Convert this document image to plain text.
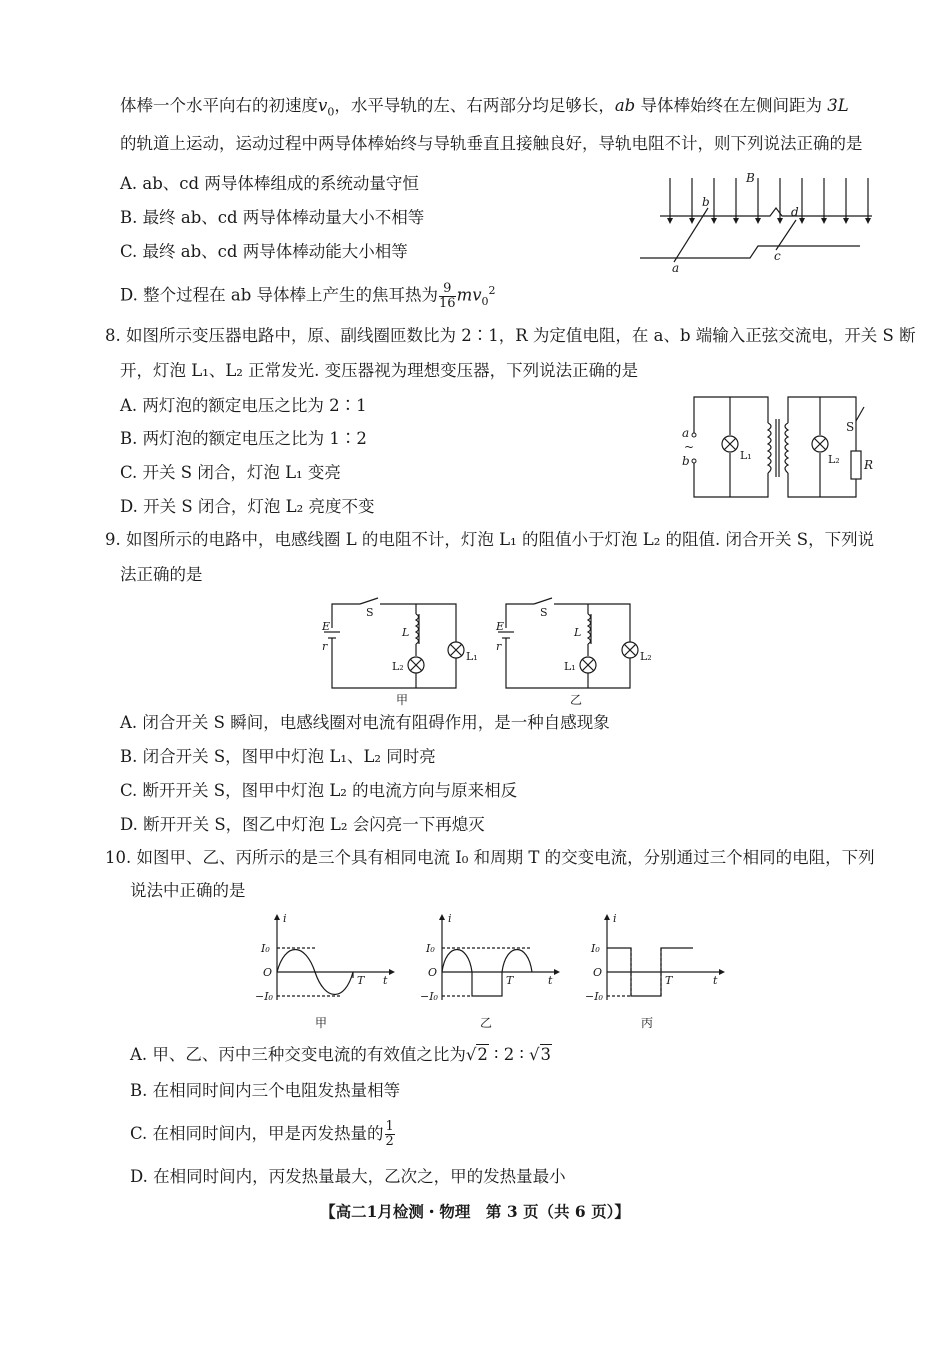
体棒一个水平向右的初速度$v_0$，水平导轨的左、右两部分均足够长，ab 导体棒始终在左侧间距为 3L
的轨道上运动，运动过程中两导体棒始终与导轨垂直且接触良好，导轨电阻不计，则下列说法正确的是
A. ab、cd 两导体棒组成的系统动量守恒
B. 最终 ab、cd 两导体棒动量大小不相等
C. 最终 ab、cd 两导体棒动能大小相等
D. 整个过程在 ab 导体棒上产生的焦耳热为 $\frac{9}{16} mv_0^2$
B
b
d
a
c
8. 如图所示变压器电路中，原、副线圈匝数比为 2∶1，R 为定值电阻，在 a、b 端输入正弦交流电，开关 S 断
开，灯泡 L₁、L₂ 正常发光. 变压器视为理想变压器，下列说法正确的是
A. 两灯泡的额定电压之比为 2∶1
B. 两灯泡的额定电压之比为 1∶2
C. 开关 S 闭合，灯泡 L₁ 变亮
D. 开关 S 闭合，灯泡 L₂ 亮度不变
a
~
b	L₁	L₂
S
R
9. 如图所示的电路中，电感线圈 L 的电阻不计，灯泡 L₁ 的阻值小于灯泡 L₂ 的阻值. 闭合开关 S，下列说
法正确的是
S
E
r
L
L₂
L₁
甲
S
E
r
L
L₁
L₂
乙
A. 闭合开关 S 瞬间，电感线圈对电流有阻碍作用，是一种自感现象
B. 闭合开关 S，图甲中灯泡 L₁、L₂ 同时亮
C. 断开开关 S，图甲中灯泡 L₂ 的电流方向与原来相反
D. 断开开关 S，图乙中灯泡 L₂ 会闪亮一下再熄灭
10. 如图甲、乙、丙所示的是三个具有相同电流 I₀ 和周期 T 的交变电流，分别通过三个相同的电阻，下列
说法中正确的是
i
I₀
O
−I₀
T t
甲
i
I₀
O
−I₀
T	t
乙
i
I₀
O
−I₀
T	t
丙
A. 甲、乙、丙中三种交变电流的有效值之比为√2 ∶ 2 ∶ √3
B. 在相同时间内三个电阻发热量相等
C. 在相同时间内，甲是丙发热量的 $\frac{1}{2}$
D. 在相同时间内，丙发热量最大，乙次之，甲的发热量最小
【高二1月检测・物理　第 3 页（共 6 页）】
